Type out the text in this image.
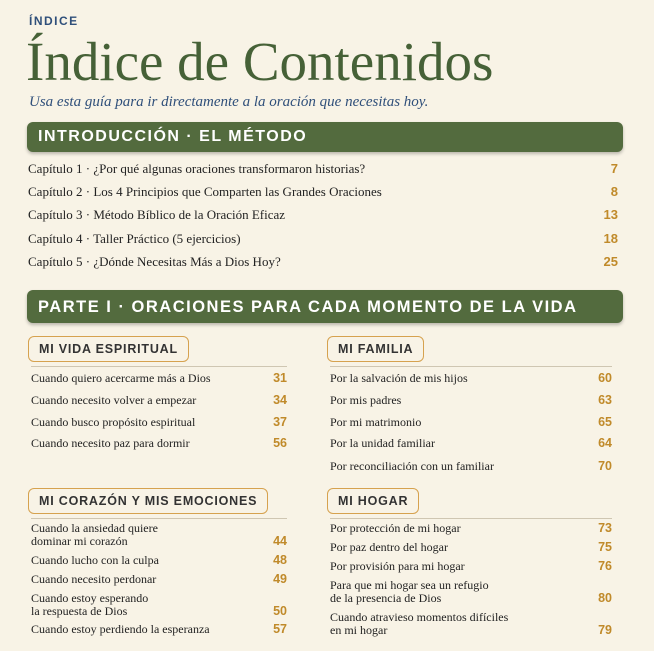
ÍNDICE
Índice de Contenidos
Usa esta guía para ir directamente a la oración que necesitas hoy.
INTRODUCCIÓN · EL MÉTODO
Capítulo 1 · ¿Por qué algunas oraciones transformaron historias?	7
Capítulo 2 · Los 4 Principios que Comparten las Grandes Oraciones	8
Capítulo 3 · Método Bíblico de la Oración Eficaz	13
Capítulo 4 · Taller Práctico (5 ejercicios)	18
Capítulo 5 · ¿Dónde Necesitas Más a Dios Hoy?	25
PARTE I · ORACIONES PARA CADA MOMENTO DE LA VIDA
MI VIDA ESPIRITUAL
Cuando quiero acercarme más a Dios	31
Cuando necesito volver a empezar	34
Cuando busco propósito espiritual	37
Cuando necesito paz para dormir	56
MI FAMILIA
Por la salvación de mis hijos	60
Por mis padres	63
Por mi matrimonio	65
Por la unidad familiar	64
Por reconciliación con un familiar	70
MI CORAZÓN Y MIS EMOCIONES
Cuando la ansiedad quiere
dominar mi corazón	44
Cuando lucho con la culpa	48
Cuando necesito perdonar	49
Cuando estoy esperando
la respuesta de Dios	50
Cuando estoy perdiendo la esperanza	57
MI HOGAR
Por protección de mi hogar	73
Por paz dentro del hogar	75
Por provisión para mi hogar	76
Para que mi hogar sea un refugio
de la presencia de Dios	80
Cuando atravieso momentos difíciles
en mi hogar	79
